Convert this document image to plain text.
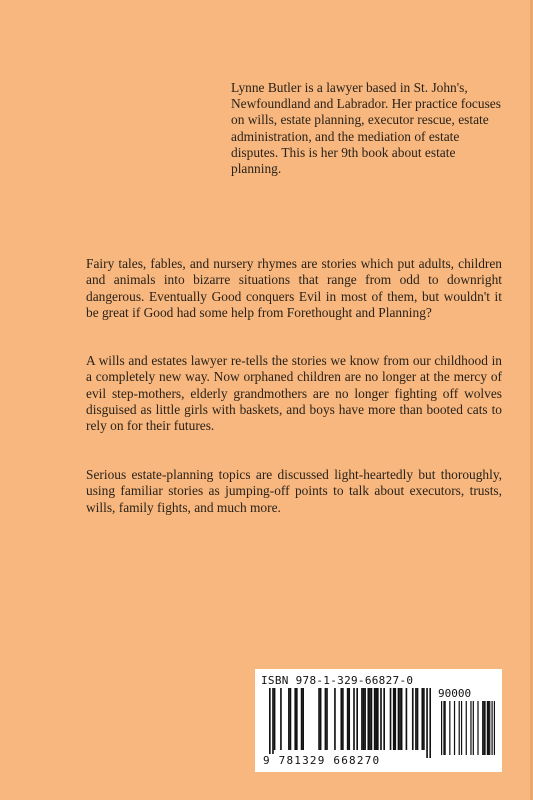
Lynne Butler is a lawyer based in St. John's, Newfoundland and Labrador. Her practice focuses on wills, estate planning, executor rescue, estate administration, and the mediation of estate disputes. This is her 9th book about estate planning.

Fairy tales, fables, and nursery rhymes are stories which put adults, children and animals into bizarre situations that range from odd to downright dangerous. Eventually Good conquers Evil in most of them, but wouldn't it be great if Good had some help from Forethought and Planning?

A wills and estates lawyer re-tells the stories we know from our childhood in a completely new way. Now orphaned children are no longer at the mercy of evil step-mothers, elderly grandmothers are no longer fighting off wolves disguised as little girls with baskets, and boys have more than booted cats to rely on for their futures.

Serious estate-planning topics are discussed light-heartedly but thoroughly, using familiar stories as jumping-off points to talk about executors, trusts, wills, family fights, and much more.

ISBN 978-1-329-66827-0
90000
9 781329 668270
